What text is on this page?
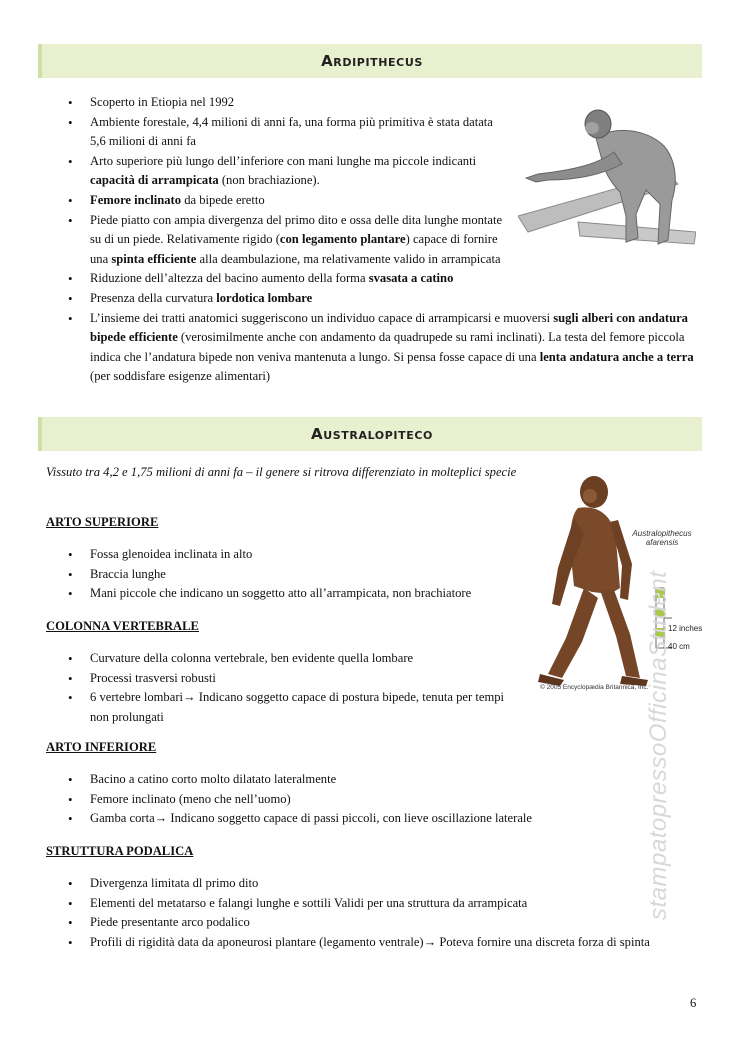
Ardipithecus
• Scoperto in Etiopia nel 1992
• Ambiente forestale, 4,4 milioni di anni fa, una forma più primitiva è stata datata 5,6 milioni di anni fa
• Arto superiore più lungo dell’inferiore con mani lunghe ma piccole indicanti capacità di arrampicata (non brachiazione).
• Femore inclinato da bipede eretto
• Piede piatto con ampia divergenza del primo dito e ossa delle dita lunghe montate su di un piede. Relativamente rigido (con legamento plantare) capace di fornire una spinta efficiente alla deambulazione, ma relativamente valido in arrampicata
• Riduzione dell’altezza del bacino aumento della forma svasata a catino
• Presenza della curvatura lordotica lombare
• L’insieme dei tratti anatomici suggeriscono un individuo capace di arrampicarsi e muoversi sugli alberi con andatura bipede efficiente (verosimilmente anche con andamento da quadrupede su rami inclinati). La testa del femore piccola indica che l’andatura bipede non veniva mantenuta a lungo. Si pensa fosse capace di una lenta andatura anche a terra (per soddisfare esigenze alimentari)
Australopiteco
Vissuto tra 4,2 e 1,75 milioni di anni fa – il genere si ritrova differenziato in molteplici specie
ARTO SUPERIORE
• Fossa glenoidea inclinata in alto
• Braccia lunghe
• Mani piccole che indicano un soggetto atto all’arrampicata, non brachiatore
COLONNA VERTEBRALE
• Curvature della colonna vertebrale, ben evidente quella lombare
• Processi trasversi robusti
• 6 vertebre lombari→ Indicano soggetto capace di postura bipede, tenuta per tempi non prolungati
ARTO INFERIORE
• Bacino a catino corto molto dilatato lateralmente
• Femore inclinato (meno che nell’uomo)
• Gamba corta→ Indicano soggetto capace di passi piccoli, con lieve oscillazione laterale
STRUTTURA PODALICA
• Divergenza limitata dl primo dito
• Elementi del metatarso e falangi lunghe e sottili Validi per una struttura da arrampicata
• Piede presentante arco podalico
• Profili di rigidità data da aponeurosi plantare (legamento ventrale)→ Poteva fornire una discreta forza di spinta
Australopithecus
afarensis
12 inches
40 cm
© 2005 Encyclopædia Britannica, Inc.
stampatopressoOfficinaStudent
6
